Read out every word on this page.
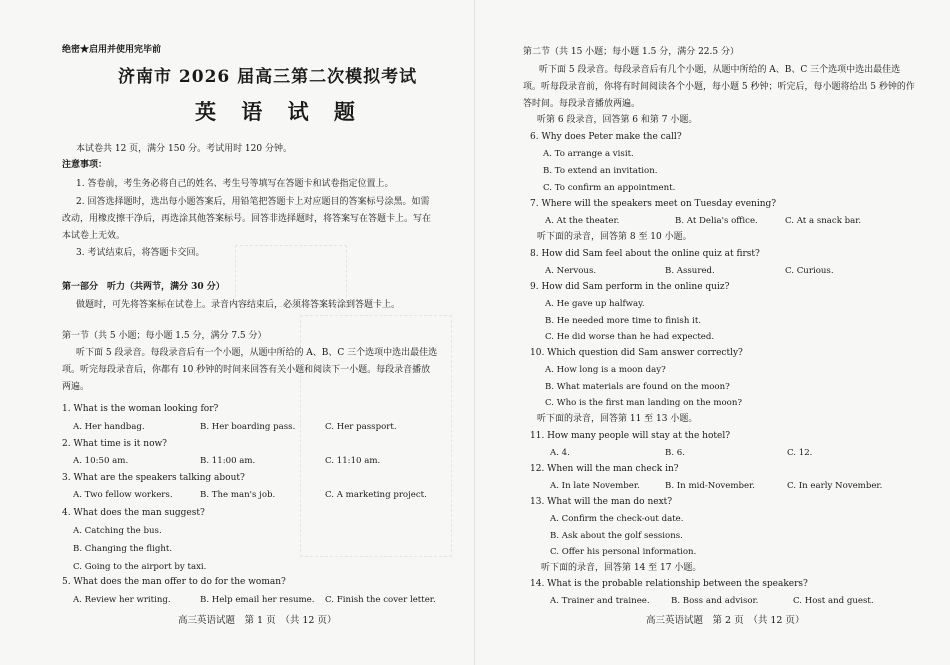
绝密★启用并使用完毕前
济南市 2026 届高三第二次模拟考试
英 语 试 题
本试卷共 12 页，满分 150 分。考试用时 120 分钟。
注意事项：
1. 答卷前，考生务必将自己的姓名、考生号等填写在答题卡和试卷指定位置上。
2. 回答选择题时，选出每小题答案后，用铅笔把答题卡上对应题目的答案标号涂黑。如需
改动，用橡皮擦干净后，再选涂其他答案标号。回答非选择题时，将答案写在答题卡上。写在
本试卷上无效。
3. 考试结束后，将答题卡交回。
第一部分　听力（共两节，满分 30 分）
做题时，可先将答案标在试卷上。录音内容结束后，必须将答案转涂到答题卡上。
第一节（共 5 小题；每小题 1.5 分，满分 7.5 分）
听下面 5 段录音。每段录音后有一个小题，从题中所给的 A、B、C 三个选项中选出最佳选
项。听完每段录音后，你都有 10 秒钟的时间来回答有关小题和阅读下一小题。每段录音播放
两遍。
1. What is the woman looking for?
A. Her handbag.	B. Her boarding pass.	C. Her passport.
2. What time is it now?
A. 10:50 am.	B. 11:00 am.	C. 11:10 am.
3. What are the speakers talking about?
A. Two fellow workers.	B. The man's job.	C. A marketing project.
4. What does the man suggest?
A. Catching the bus.
B. Changing the flight.
C. Going to the airport by taxi.
5. What does the man offer to do for the woman?
A. Review her writing.	B. Help email her resume. C. Finish the cover letter.
高三英语试题　第 1 页　（共 12 页）
第二节（共 15 小题；每小题 1.5 分，满分 22.5 分）
听下面 5 段录音。每段录音后有几个小题，从题中所给的 A、B、C 三个选项中选出最佳选
项。听每段录音前，你将有时间阅读各个小题，每小题 5 秒钟；听完后，每小题将给出 5 秒钟的作
答时间。每段录音播放两遍。
听第 6 段录音，回答第 6 和第 7 小题。
6. Why does Peter make the call?
A. To arrange a visit.
B. To extend an invitation.
C. To confirm an appointment.
7. Where will the speakers meet on Tuesday evening?
A. At the theater.	B. At Delia's office.	C. At a snack bar.
听下面的录音，回答第 8 至 10 小题。
8. How did Sam feel about the online quiz at first?
A. Nervous.	B. Assured.	C. Curious.
9. How did Sam perform in the online quiz?
A. He gave up halfway.
B. He needed more time to finish it.
C. He did worse than he had expected.
10. Which question did Sam answer correctly?
A. How long is a moon day?
B. What materials are found on the moon?
C. Who is the first man landing on the moon?
听下面的录音，回答第 11 至 13 小题。
11. How many people will stay at the hotel?
A. 4.	B. 6.	C. 12.
12. When will the man check in?
A. In late November.	B. In mid-November.	C. In early November.
13. What will the man do next?
A. Confirm the check-out date.
B. Ask about the golf sessions.
C. Offer his personal information.
听下面的录音，回答第 14 至 17 小题。
14. What is the probable relationship between the speakers?
A. Trainer and trainee. B. Boss and advisor.	C. Host and guest.
高三英语试题　第 2 页　（共 12 页）
